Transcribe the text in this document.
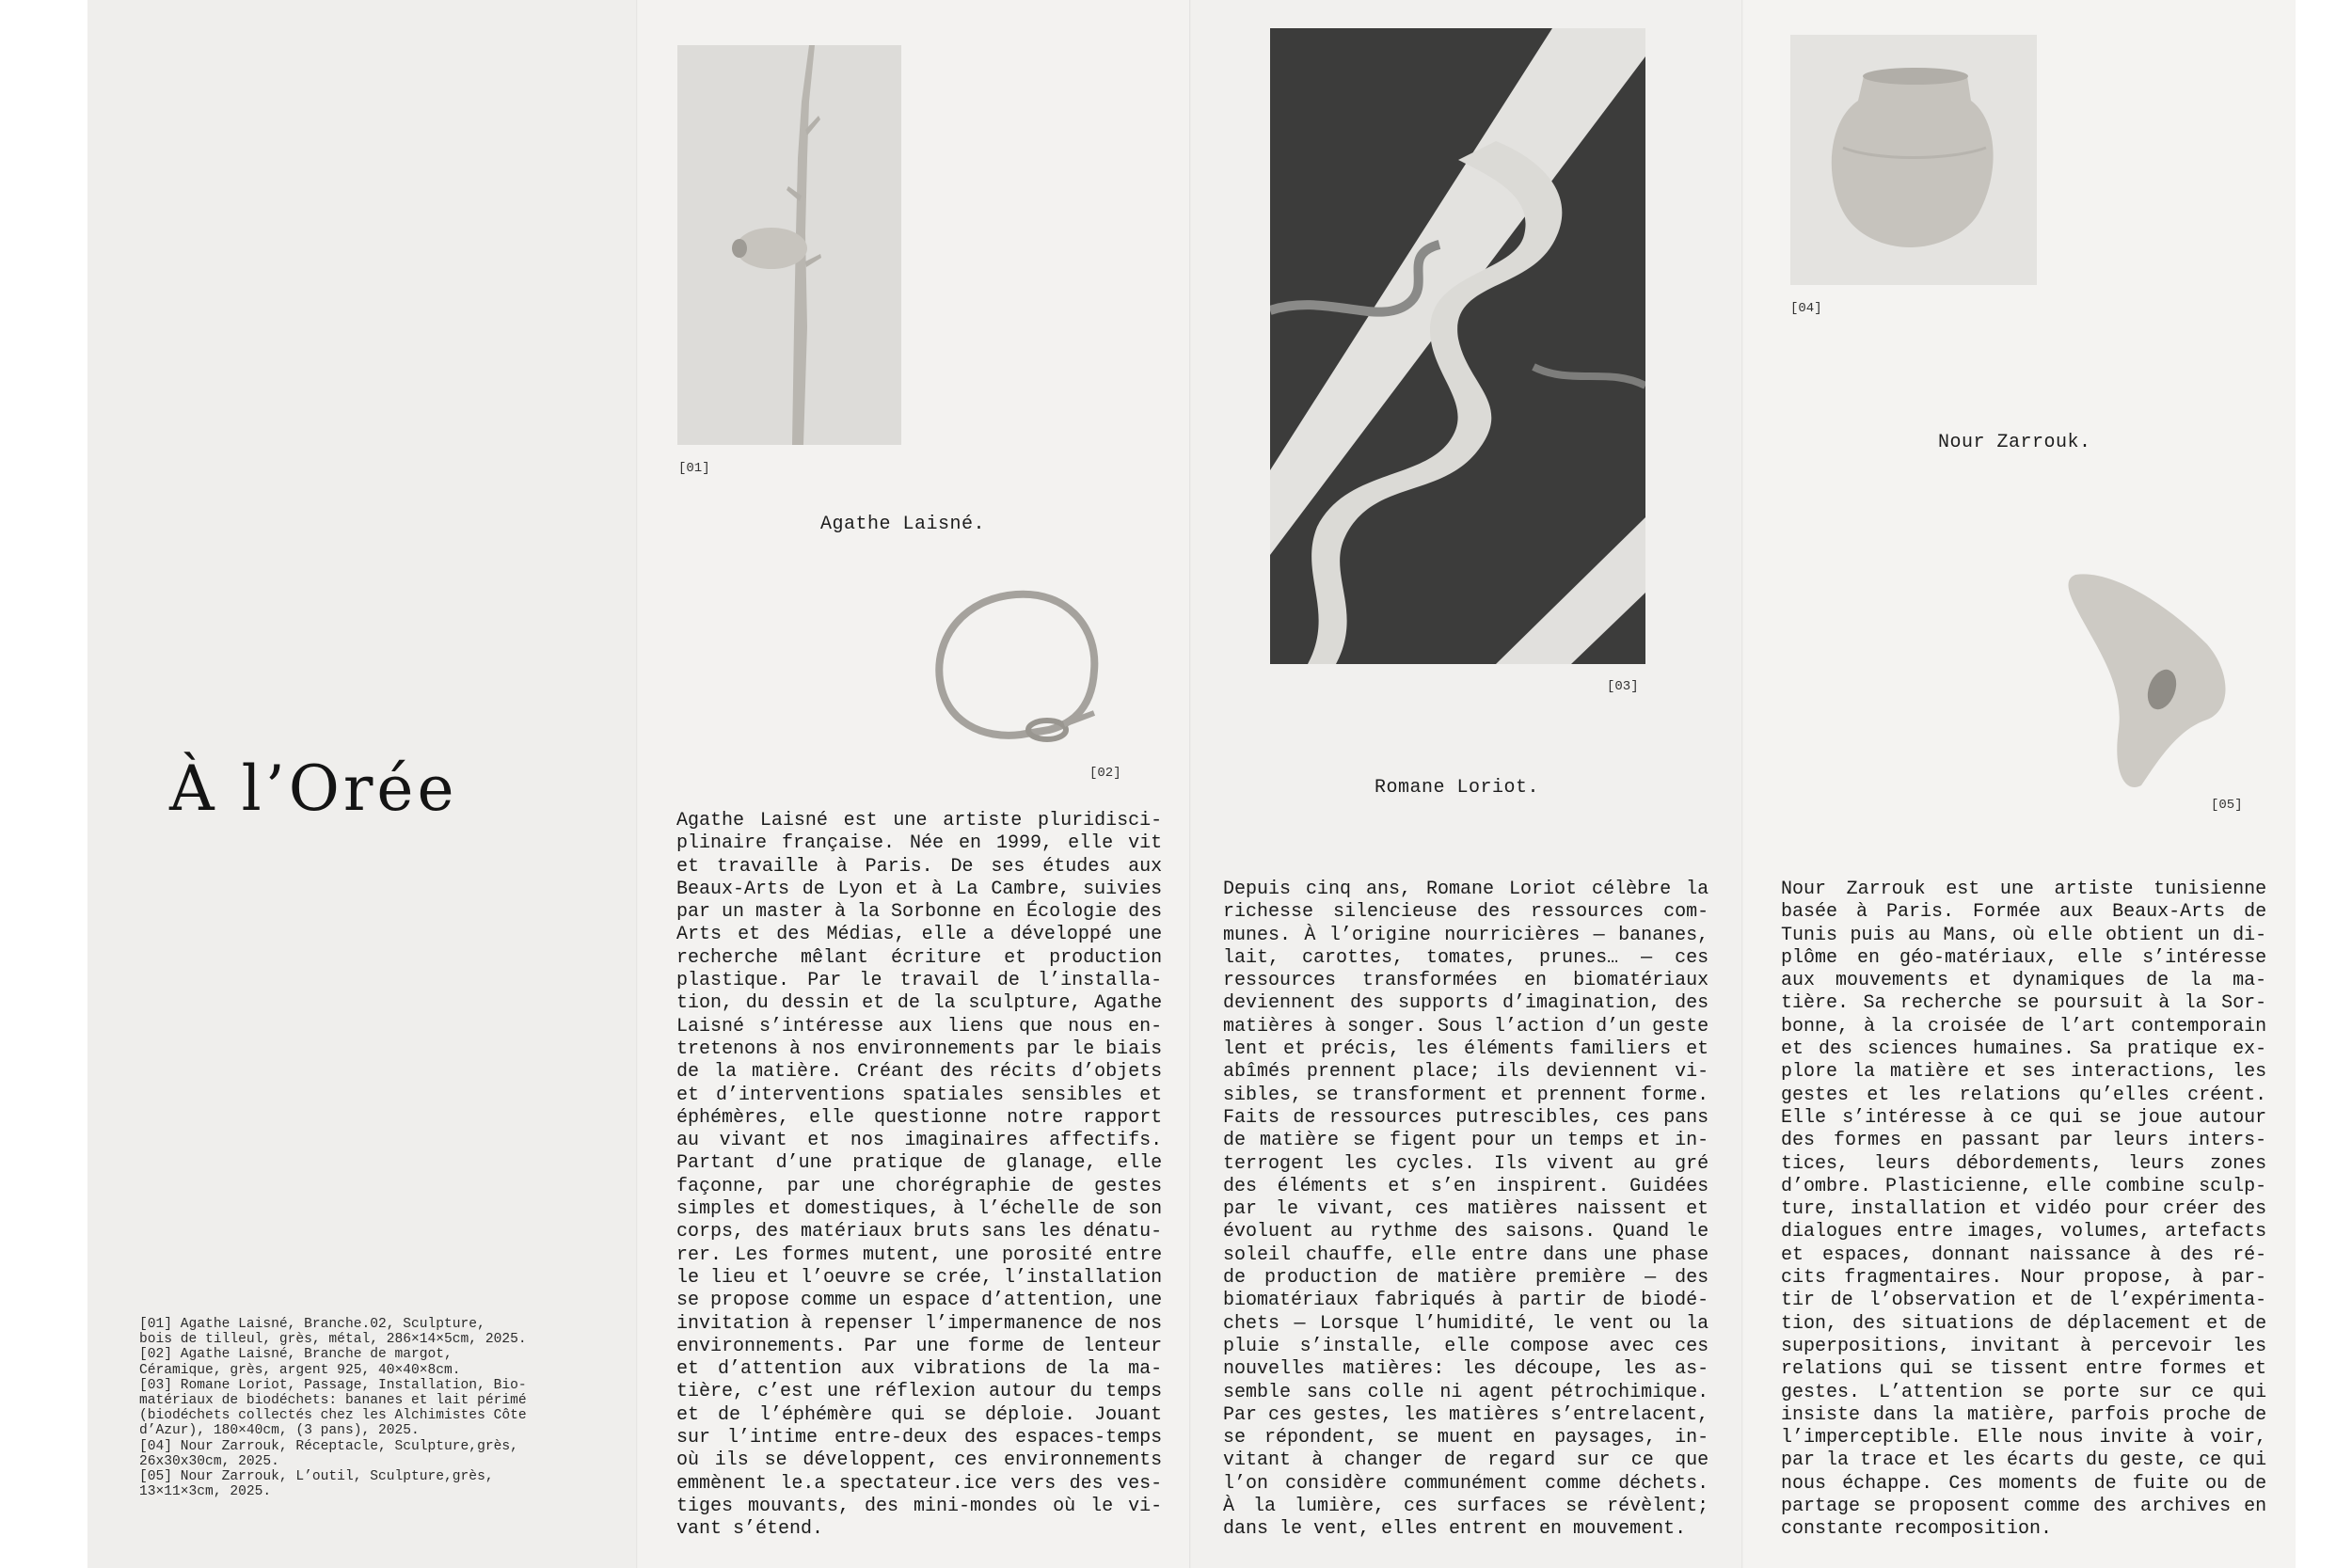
À l’Orée
[01] Agathe Laisné, Branche.02, Sculpture,
bois de tilleul, grès, métal, 286×14×5cm, 2025.
[02] Agathe Laisné, Branche de margot,
Céramique, grès, argent 925, 40×40×8cm.
[03] Romane Loriot, Passage, Installation, Bio-
matériaux de biodéchets: bananes et lait périmé
(biodéchets collectés chez les Alchimistes Côte
d’Azur), 180×40cm, (3 pans), 2025.
[04] Nour Zarrouk, Réceptacle, Sculpture,grès,
26x30x30cm, 2025.
[05] Nour Zarrouk, L’outil, Sculpture,grès,
13×11×3cm, 2025.
[01]
Agathe Laisné.
[02]
Agathe Laisné est une artiste pluridisci-
plinaire française. Née en 1999, elle vit
et travaille à Paris. De ses études aux
Beaux-Arts de Lyon et à La Cambre, suivies
par un master à la Sorbonne en Écologie des
Arts et des Médias, elle a développé une
recherche mêlant écriture et production
plastique. Par le travail de l’installa-
tion, du dessin et de la sculpture, Agathe
Laisné s’intéresse aux liens que nous en-
tretenons à nos environnements par le biais
de la matière. Créant des récits d’objets
et d’interventions spatiales sensibles et
éphémères, elle questionne notre rapport
au vivant et nos imaginaires affectifs.
Partant d’une pratique de glanage, elle
façonne, par une chorégraphie de gestes
simples et domestiques, à l’échelle de son
corps, des matériaux bruts sans les dénatu-
rer. Les formes mutent, une porosité entre
le lieu et l’oeuvre se crée, l’installation
se propose comme un espace d’attention, une
invitation à repenser l’impermanence de nos
environnements. Par une forme de lenteur
et d’attention aux vibrations de la ma-
tière, c’est une réflexion autour du temps
et de l’éphémère qui se déploie. Jouant
sur l’intime entre-deux des espaces-temps
où ils se développent, ces environnements
emmènent le.a spectateur.ice vers des ves-
tiges mouvants, des mini-mondes où le vi-
vant s’étend.
[03]
Romane Loriot.
Depuis cinq ans, Romane Loriot célèbre la
richesse silencieuse des ressources com-
munes. À l’origine nourricières — bananes,
lait, carottes, tomates, prunes… — ces
ressources transformées en biomatériaux
deviennent des supports d’imagination, des
matières à songer. Sous l’action d’un geste
lent et précis, les éléments familiers et
abîmés prennent place; ils deviennent vi-
sibles, se transforment et prennent forme.
Faits de ressources putrescibles, ces pans
de matière se figent pour un temps et in-
terrogent les cycles. Ils vivent au gré
des éléments et s’en inspirent. Guidées
par le vivant, ces matières naissent et
évoluent au rythme des saisons. Quand le
soleil chauffe, elle entre dans une phase
de production de matière première — des
biomatériaux fabriqués à partir de biodé-
chets — Lorsque l’humidité, le vent ou la
pluie s’installe, elle compose avec ces
nouvelles matières: les découpe, les as-
semble sans colle ni agent pétrochimique.
Par ces gestes, les matières s’entrelacent,
se répondent, se muent en paysages, in-
vitant à changer de regard sur ce que
l’on considère communément comme déchets.
À la lumière, ces surfaces se révèlent;
dans le vent, elles entrent en mouvement.
[04]
Nour Zarrouk.
[05]
Nour Zarrouk est une artiste tunisienne
basée à Paris. Formée aux Beaux-Arts de
Tunis puis au Mans, où elle obtient un di-
plôme en géo-matériaux, elle s’intéresse
aux mouvements et dynamiques de la ma-
tière. Sa recherche se poursuit à la Sor-
bonne, à la croisée de l’art contemporain
et des sciences humaines. Sa pratique ex-
plore la matière et ses interactions, les
gestes et les relations qu’elles créent.
Elle s’intéresse à ce qui se joue autour
des formes en passant par leurs inters-
tices, leurs débordements, leurs zones
d’ombre. Plasticienne, elle combine sculp-
ture, installation et vidéo pour créer des
dialogues entre images, volumes, artefacts
et espaces, donnant naissance à des ré-
cits fragmentaires. Nour propose, à par-
tir de l’observation et de l’expérimenta-
tion, des situations de déplacement et de
superpositions, invitant à percevoir les
relations qui se tissent entre formes et
gestes. L’attention se porte sur ce qui
insiste dans la matière, parfois proche de
l’imperceptible. Elle nous invite à voir,
par la trace et les écarts du geste, ce qui
nous échappe. Ces moments de fuite ou de
partage se proposent comme des archives en
constante recomposition.
